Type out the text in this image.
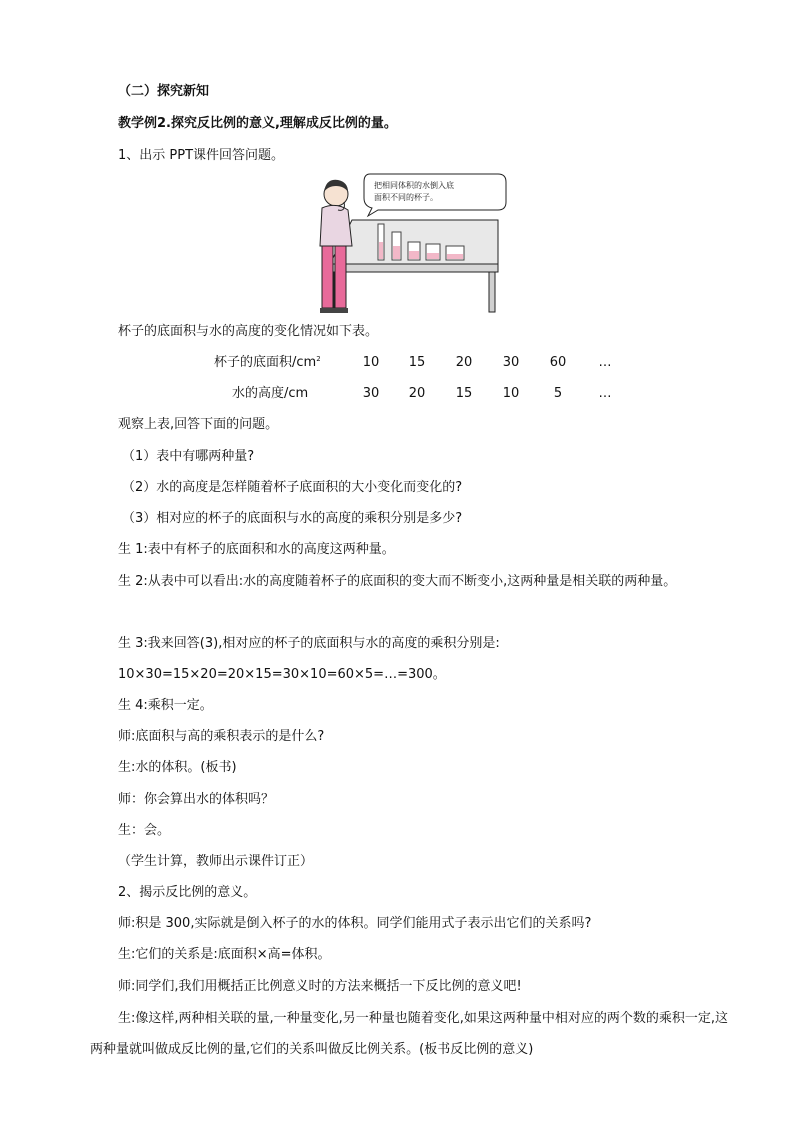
（二）探究新知
教学例2.探究反比例的意义,理解成反比例的量。
1、出示 PPT课件回答问题。
把相同体积的水倒入底
面积不同的杯子。
杯子的底面积与水的高度的变化情况如下表。
杯子的底面积$/cm^2$	10	15	20	30	60	…
水的高度/cm	30	20	15	10	5	…
观察上表,回答下面的问题。
（1）表中有哪两种量?
（2）水的高度是怎样随着杯子底面积的大小变化而变化的?
（3）相对应的杯子的底面积与水的高度的乘积分别是多少?
生 1:表中有杯子的底面积和水的高度这两种量。
生 2:从表中可以看出:水的高度随着杯子的底面积的变大而不断变小,这两种量是相关联的两种量。
生 3:我来回答(3),相对应的杯子的底面积与水的高度的乘积分别是:
10×30=15×20=20×15=30×10=60×5=…=300。
生 4:乘积一定。
师:底面积与高的乘积表示的是什么?
生:水的体积。(板书)
师：你会算出水的体积吗？
生：会。
（学生计算，教师出示课件订正）
2、揭示反比例的意义。
师:积是 300,实际就是倒入杯子的水的体积。同学们能用式子表示出它们的关系吗?
生:它们的关系是:底面积×高=体积。
师:同学们,我们用概括正比例意义时的方法来概括一下反比例的意义吧!
生:像这样,两种相关联的量,一种量变化,另一种量也随着变化,如果这两种量中相对应的两个数的乘积一定,这两种量就叫做成反比例的量,它们的关系叫做反比例关系。(板书反比例的意义)
